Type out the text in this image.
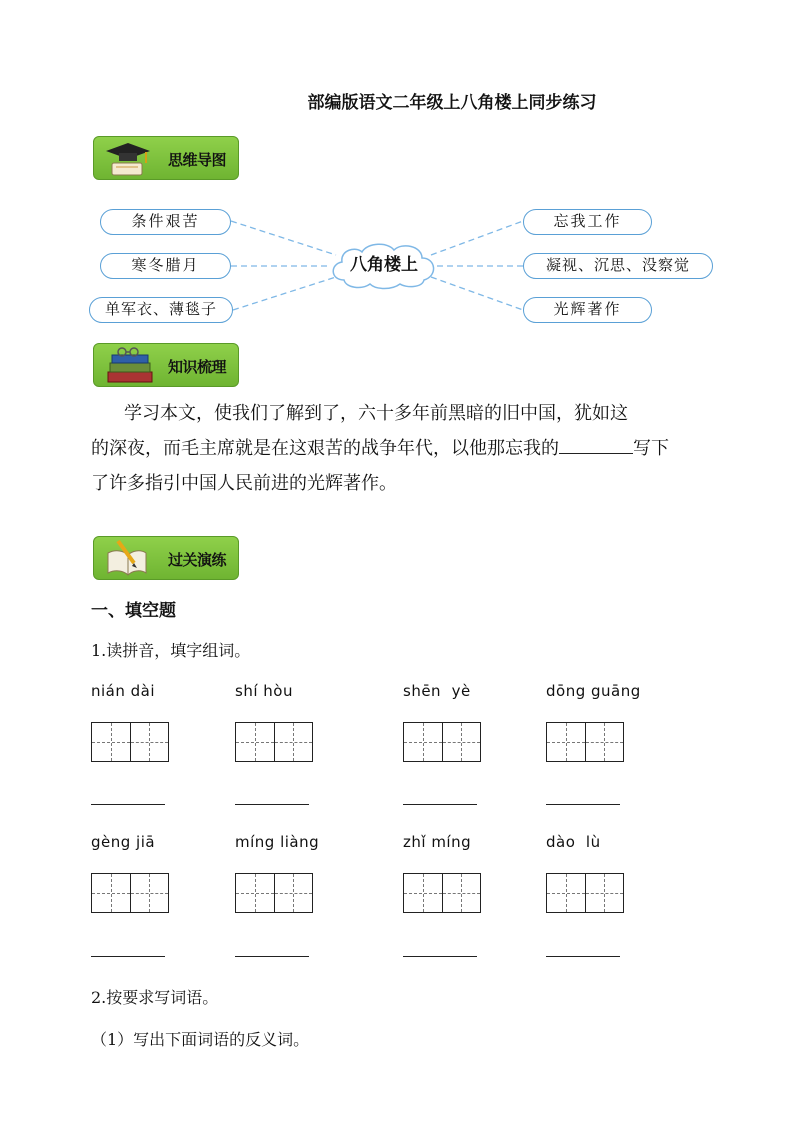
部编版语文二年级上八角楼上同步练习
思维导图
条件艰苦
寒冬腊月
单军衣、薄毯子
八角楼上
忘我工作
凝视、沉思、没察觉
光辉著作
知识梳理
学习本文，使我们了解到了，六十多年前黑暗的旧中国，犹如这
的深夜，而毛主席就是在这艰苦的战争年代，以他那忘我的	写下
了许多指引中国人民前进的光辉著作。
过关演练
一、填空题
1.读拼音，填字组词。
nián dài	shí hòu	shēn  yè	dōng guāng
gèng jiā	míng liàng	zhǐ míng	dào  lù
2.按要求写词语。
（1）写出下面词语的反义词。
